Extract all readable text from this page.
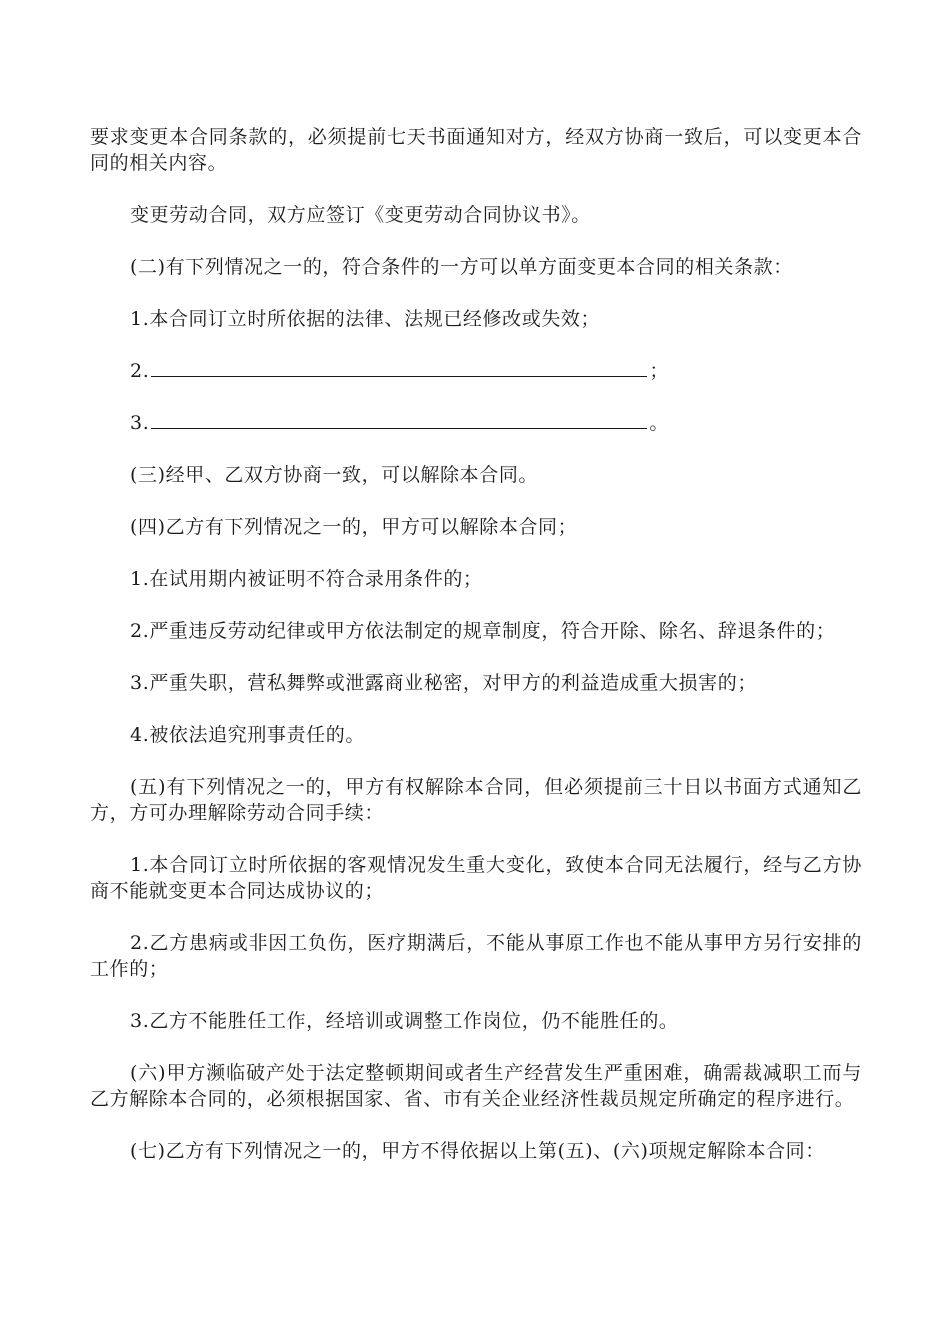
要求变更本合同条款的，必须提前七天书面通知对方，经双方协商一致后，可以变更本合同的相关内容。

变更劳动合同，双方应签订《变更劳动合同协议书》。

(二)有下列情况之一的，符合条件的一方可以单方面变更本合同的相关条款：

1.本合同订立时所依据的法律、法规已经修改或失效；

2.	；

3.	。

(三)经甲、乙双方协商一致，可以解除本合同。

(四)乙方有下列情况之一的，甲方可以解除本合同；

1.在试用期内被证明不符合录用条件的；

2.严重违反劳动纪律或甲方依法制定的规章制度，符合开除、除名、辞退条件的；

3.严重失职，营私舞弊或泄露商业秘密，对甲方的利益造成重大损害的；

4.被依法追究刑事责任的。

(五)有下列情况之一的，甲方有权解除本合同，但必须提前三十日以书面方式通知乙方，方可办理解除劳动合同手续：

1.本合同订立时所依据的客观情况发生重大变化，致使本合同无法履行，经与乙方协商不能就变更本合同达成协议的；

2.乙方患病或非因工负伤，医疗期满后，不能从事原工作也不能从事甲方另行安排的工作的；

3.乙方不能胜任工作，经培训或调整工作岗位，仍不能胜任的。

(六)甲方濒临破产处于法定整顿期间或者生产经营发生严重困难，确需裁减职工而与乙方解除本合同的，必须根据国家、省、市有关企业经济性裁员规定所确定的程序进行。

(七)乙方有下列情况之一的，甲方不得依据以上第(五)、(六)项规定解除本合同：
